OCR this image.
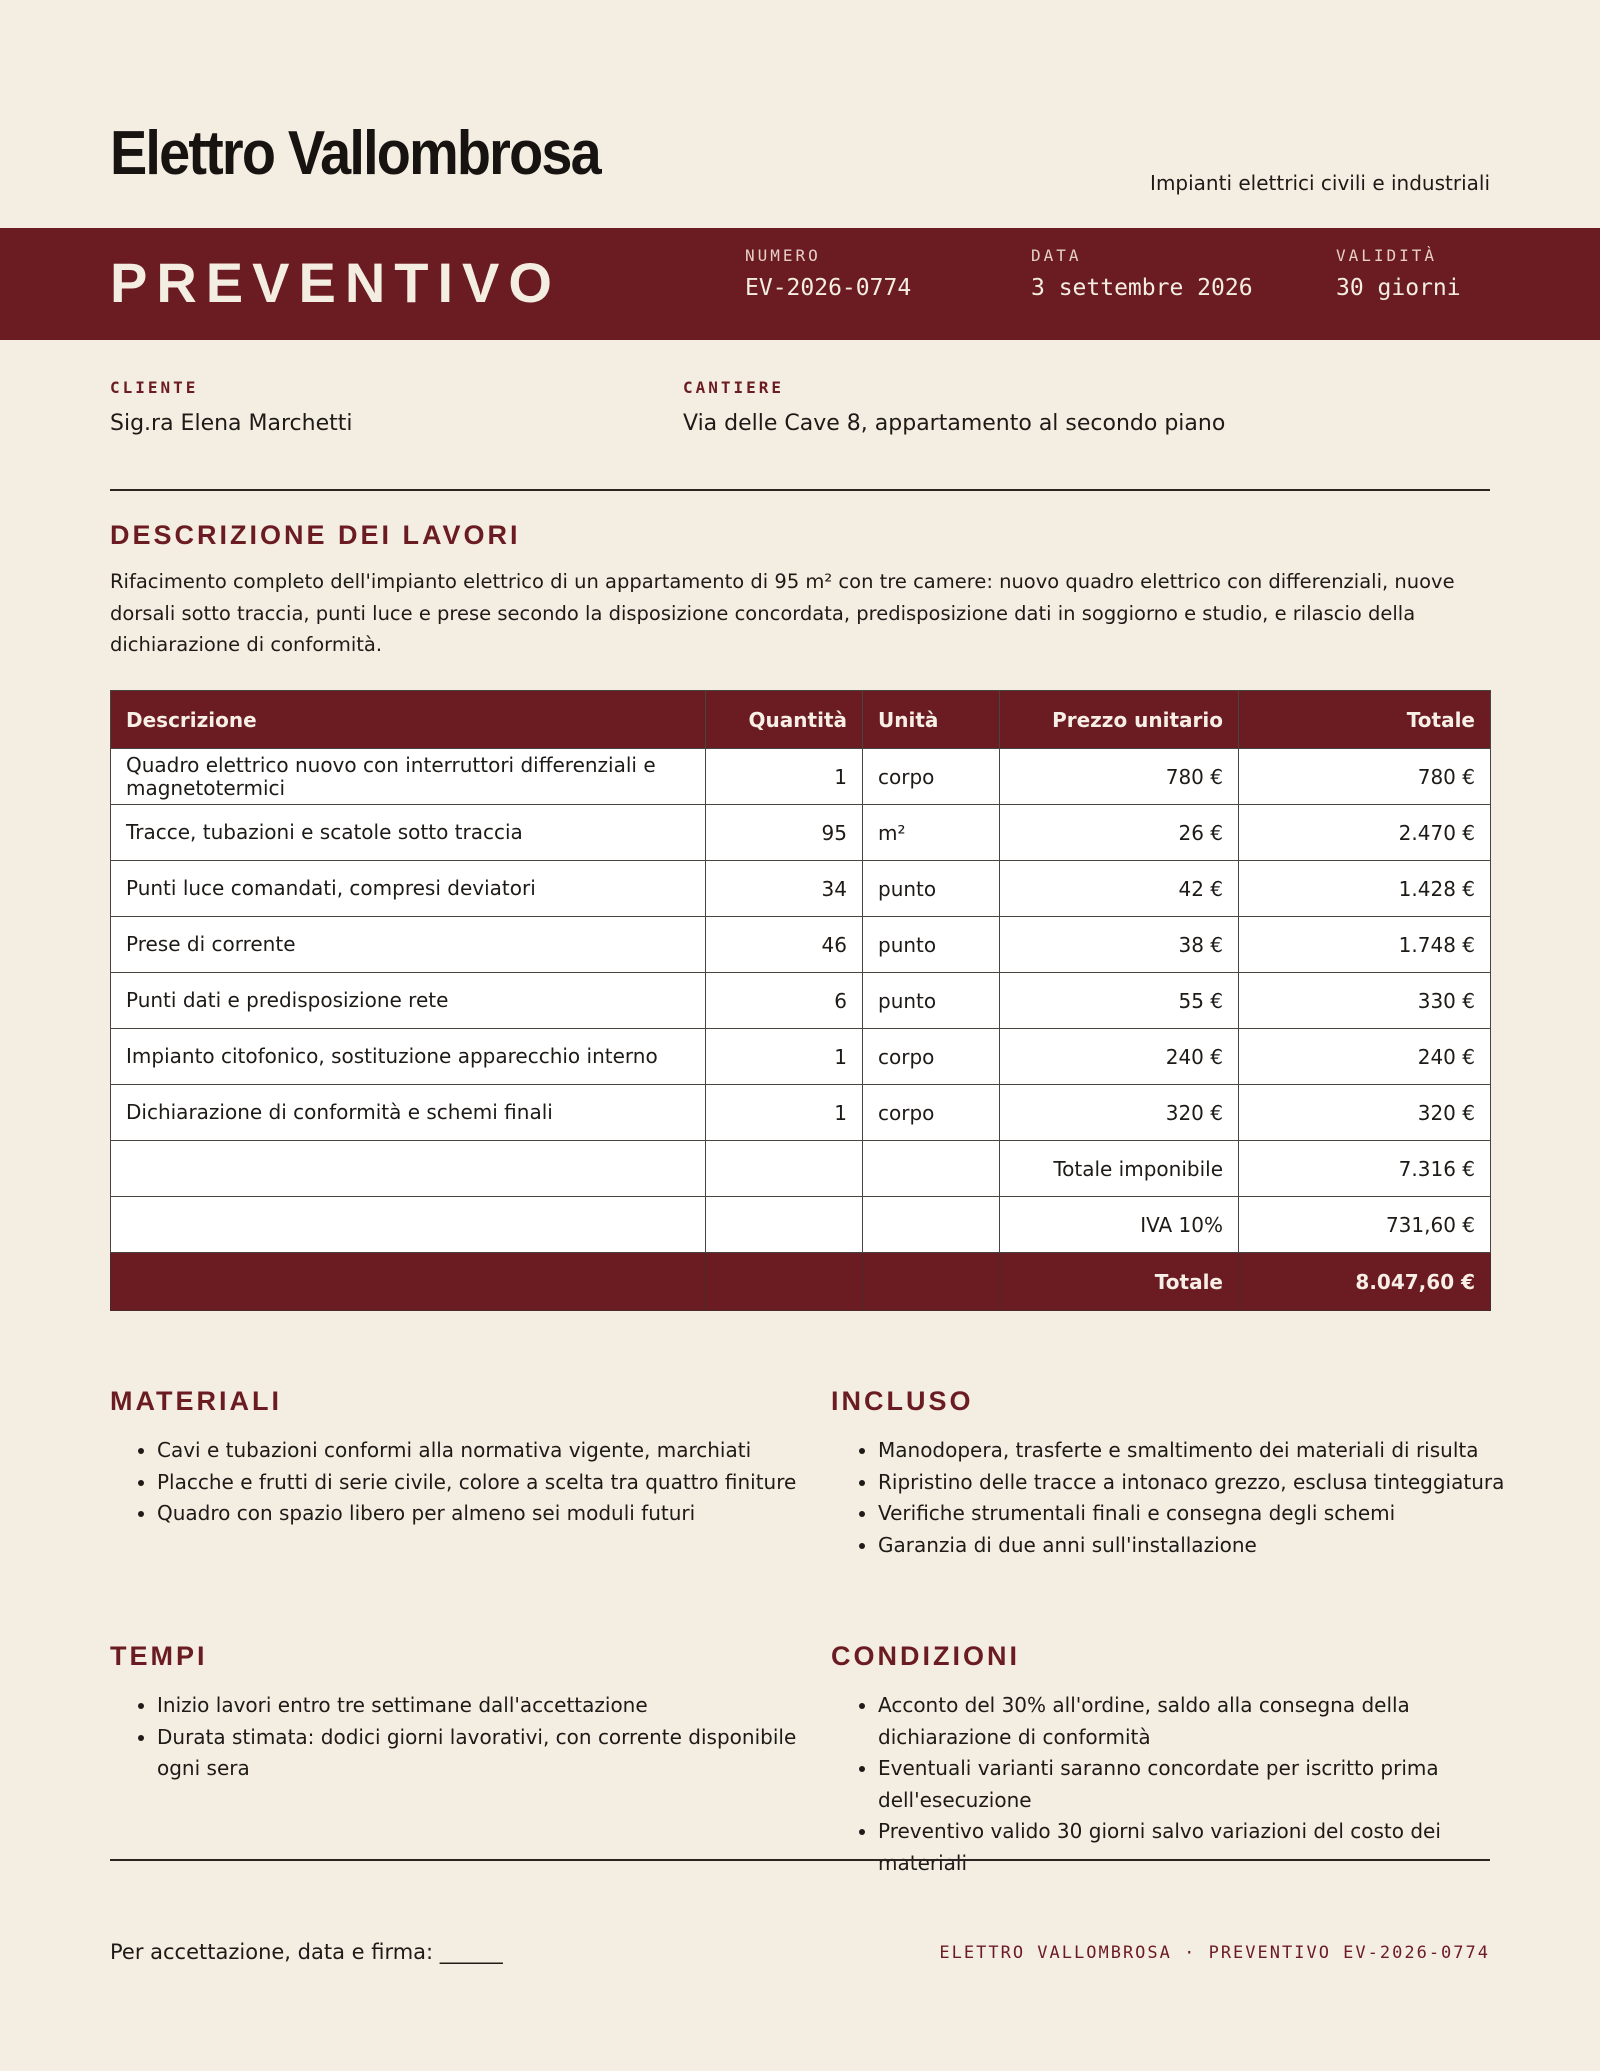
Elettro Vallombrosa	Impianti elettrici civili e industriali
PREVENTIVO	NUMERO
EV-2026-0774
DATA
3 settembre 2026
VALIDITÀ
30 giorni
CLIENTE
Sig.ra Elena Marchetti
CANTIERE
Via delle Cave 8, appartamento al secondo piano
DESCRIZIONE DEI LAVORI

Rifacimento completo dell'impianto elettrico di un appartamento di 95 m² con tre camere: nuovo quadro elettrico con differenziali, nuove dorsali sotto traccia, punti luce e prese secondo la disposizione concordata, predisposizione dati in soggiorno e studio, e rilascio della dichiarazione di conformità.

Descrizione	Quantità	Unità	Prezzo unitario	Totale
Quadro elettrico nuovo con interruttori differenziali e magnetotermici	1	corpo	780 €	780 €
Tracce, tubazioni e scatole sotto traccia	95	m²	26 €	2.470 €
Punti luce comandati, compresi deviatori	34	punto	42 €	1.428 €
Prese di corrente	46	punto	38 €	1.748 €
Punti dati e predisposizione rete	6	punto	55 €	330 €
Impianto citofonico, sostituzione apparecchio interno	1	corpo	240 €	240 €
Dichiarazione di conformità e schemi finali	1	corpo	320 €	320 €
			Totale imponibile	7.316 €
			IVA 10%	731,60 €
			Totale	8.047,60 €
MATERIALI
• Cavi e tubazioni conformi alla normativa vigente, marchiati
• Placche e frutti di serie civile, colore a scelta tra quattro finiture
• Quadro con spazio libero per almeno sei moduli futuri
INCLUSO
• Manodopera, trasferte e smaltimento dei materiali di risulta
• Ripristino delle tracce a intonaco grezzo, esclusa tinteggiatura
• Verifiche strumentali finali e consegna degli schemi
• Garanzia di due anni sull'installazione
TEMPI
• Inizio lavori entro tre settimane dall'accettazione
• Durata stimata: dodici giorni lavorativi, con corrente disponibile ogni sera
CONDIZIONI
• Acconto del 30% all'ordine, saldo alla consegna della dichiarazione di conformità
• Eventuali varianti saranno concordate per iscritto prima dell'esecuzione
• Preventivo valido 30 giorni salvo variazioni del costo dei materiali
Per accettazione, data e firma: ______	ELETTRO VALLOMBROSA · PREVENTIVO EV-2026-0774
